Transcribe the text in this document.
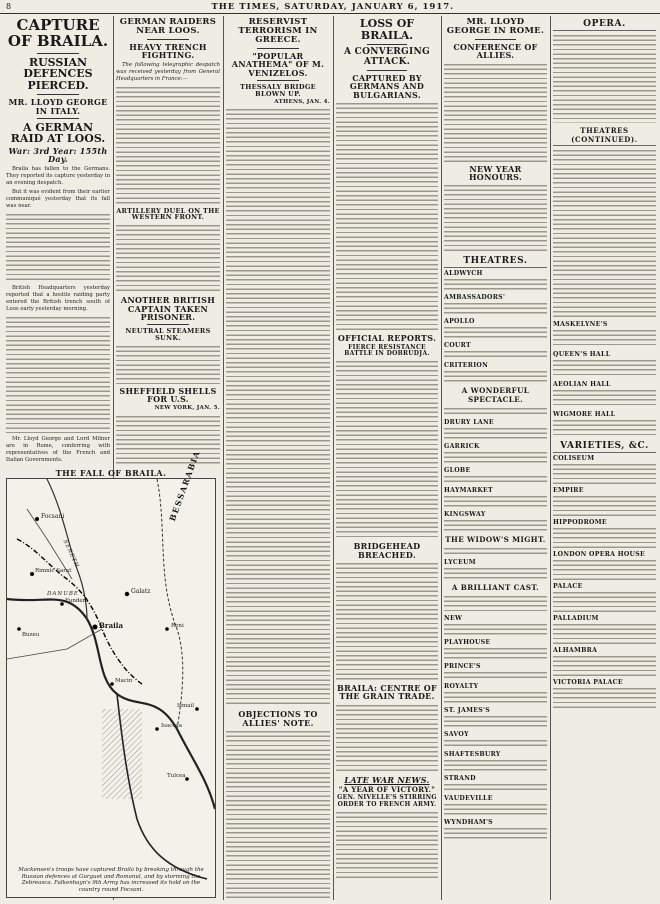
8	THE TIMES, SATURDAY, JANUARY 6, 1917.
CAPTURE OF BRAILA.
RUSSIAN DEFENCES PIERCED.
MR. LLOYD GEORGE IN ITALY.
A GERMAN RAID AT LOOS.
War: 3rd Year: 155th Day.

Braila has fallen to the Germans. They reported its capture yesterday in an evening despatch.

But it was evident from their earlier communiqué yesterday that its fall was near.

British Headquarters yesterday reported that a hostile raiding party entered the British trench south of Loos early yesterday morning.

Mr. Lloyd George and Lord Milner are in Rome, conferring with representatives of the French and Italian Governments.

GERMAN RAIDERS NEAR LOOS.
HEAVY TRENCH FIGHTING.

The following telegraphic despatch was received yesterday from General Headquarters in France:—

ARTILLERY DUEL ON THE WESTERN FRONT.
ANOTHER BRITISH CAPTAIN TAKEN PRISONER.
NEUTRAL STEAMERS SUNK.
SHEFFIELD SHELLS FOR U.S.
NEW YORK, JAN. 5.
THE FALL OF BRAILA.
Braila
Galatz
Focsani
Rimnic Sarat
Fundeni
Buzeu
Reni
Isaccea
Macin
Tulcea
Ismail
BESSARABIA
DANUBE
SERETH
Mackensen's troops have captured Braila by breaking through the Russian defences at Gurguet and Romanul, and by storming the Zebreasca. Falkenhayn's 9th Army has increased its hold on the country round Focsani.
RESERVIST TERRORISM IN GREECE.
"POPULAR ANATHEMA" OF M. VENIZELOS.
THESSALY BRIDGE BLOWN UP.
ATHENS, JAN. 4.
OBJECTIONS TO ALLIES' NOTE.
LOSS OF BRAILA.
A CONVERGING ATTACK.
CAPTURED BY GERMANS AND BULGARIANS.
OFFICIAL REPORTS.
FIERCE RESISTANCE BATTLE IN DOBRUDJA.
BRIDGEHEAD BREACHED.
BRAILA: CENTRE OF THE GRAIN TRADE.
LATE WAR NEWS.
"A YEAR OF VICTORY."
GEN. NIVELLE'S STIRRING ORDER TO FRENCH ARMY.
MR. LLOYD GEORGE IN ROME.
CONFERENCE OF ALLIES.
NEW YEAR HONOURS.
THEATRES.
ALDWYCH
AMBASSADORS'
APOLLO
COURT
CRITERION
A WONDERFUL SPECTACLE.
DRURY LANE
GARRICK
GLOBE
HAYMARKET
KINGSWAY
THE WIDOW'S MIGHT.
LYCEUM
A BRILLIANT CAST.
NEW
PLAYHOUSE
PRINCE'S
ROYALTY
ST. JAMES'S
SAVOY
SHAFTESBURY
STRAND
VAUDEVILLE
WYNDHAM'S
OPERA.
THEATRES (CONTINUED).
MASKELYNE'S
QUEEN'S HALL
AEOLIAN HALL
WIGMORE HALL
VARIETIES, &C.
COLISEUM
EMPIRE
HIPPODROME
LONDON OPERA HOUSE
PALACE
PALLADIUM
ALHAMBRA
VICTORIA PALACE
